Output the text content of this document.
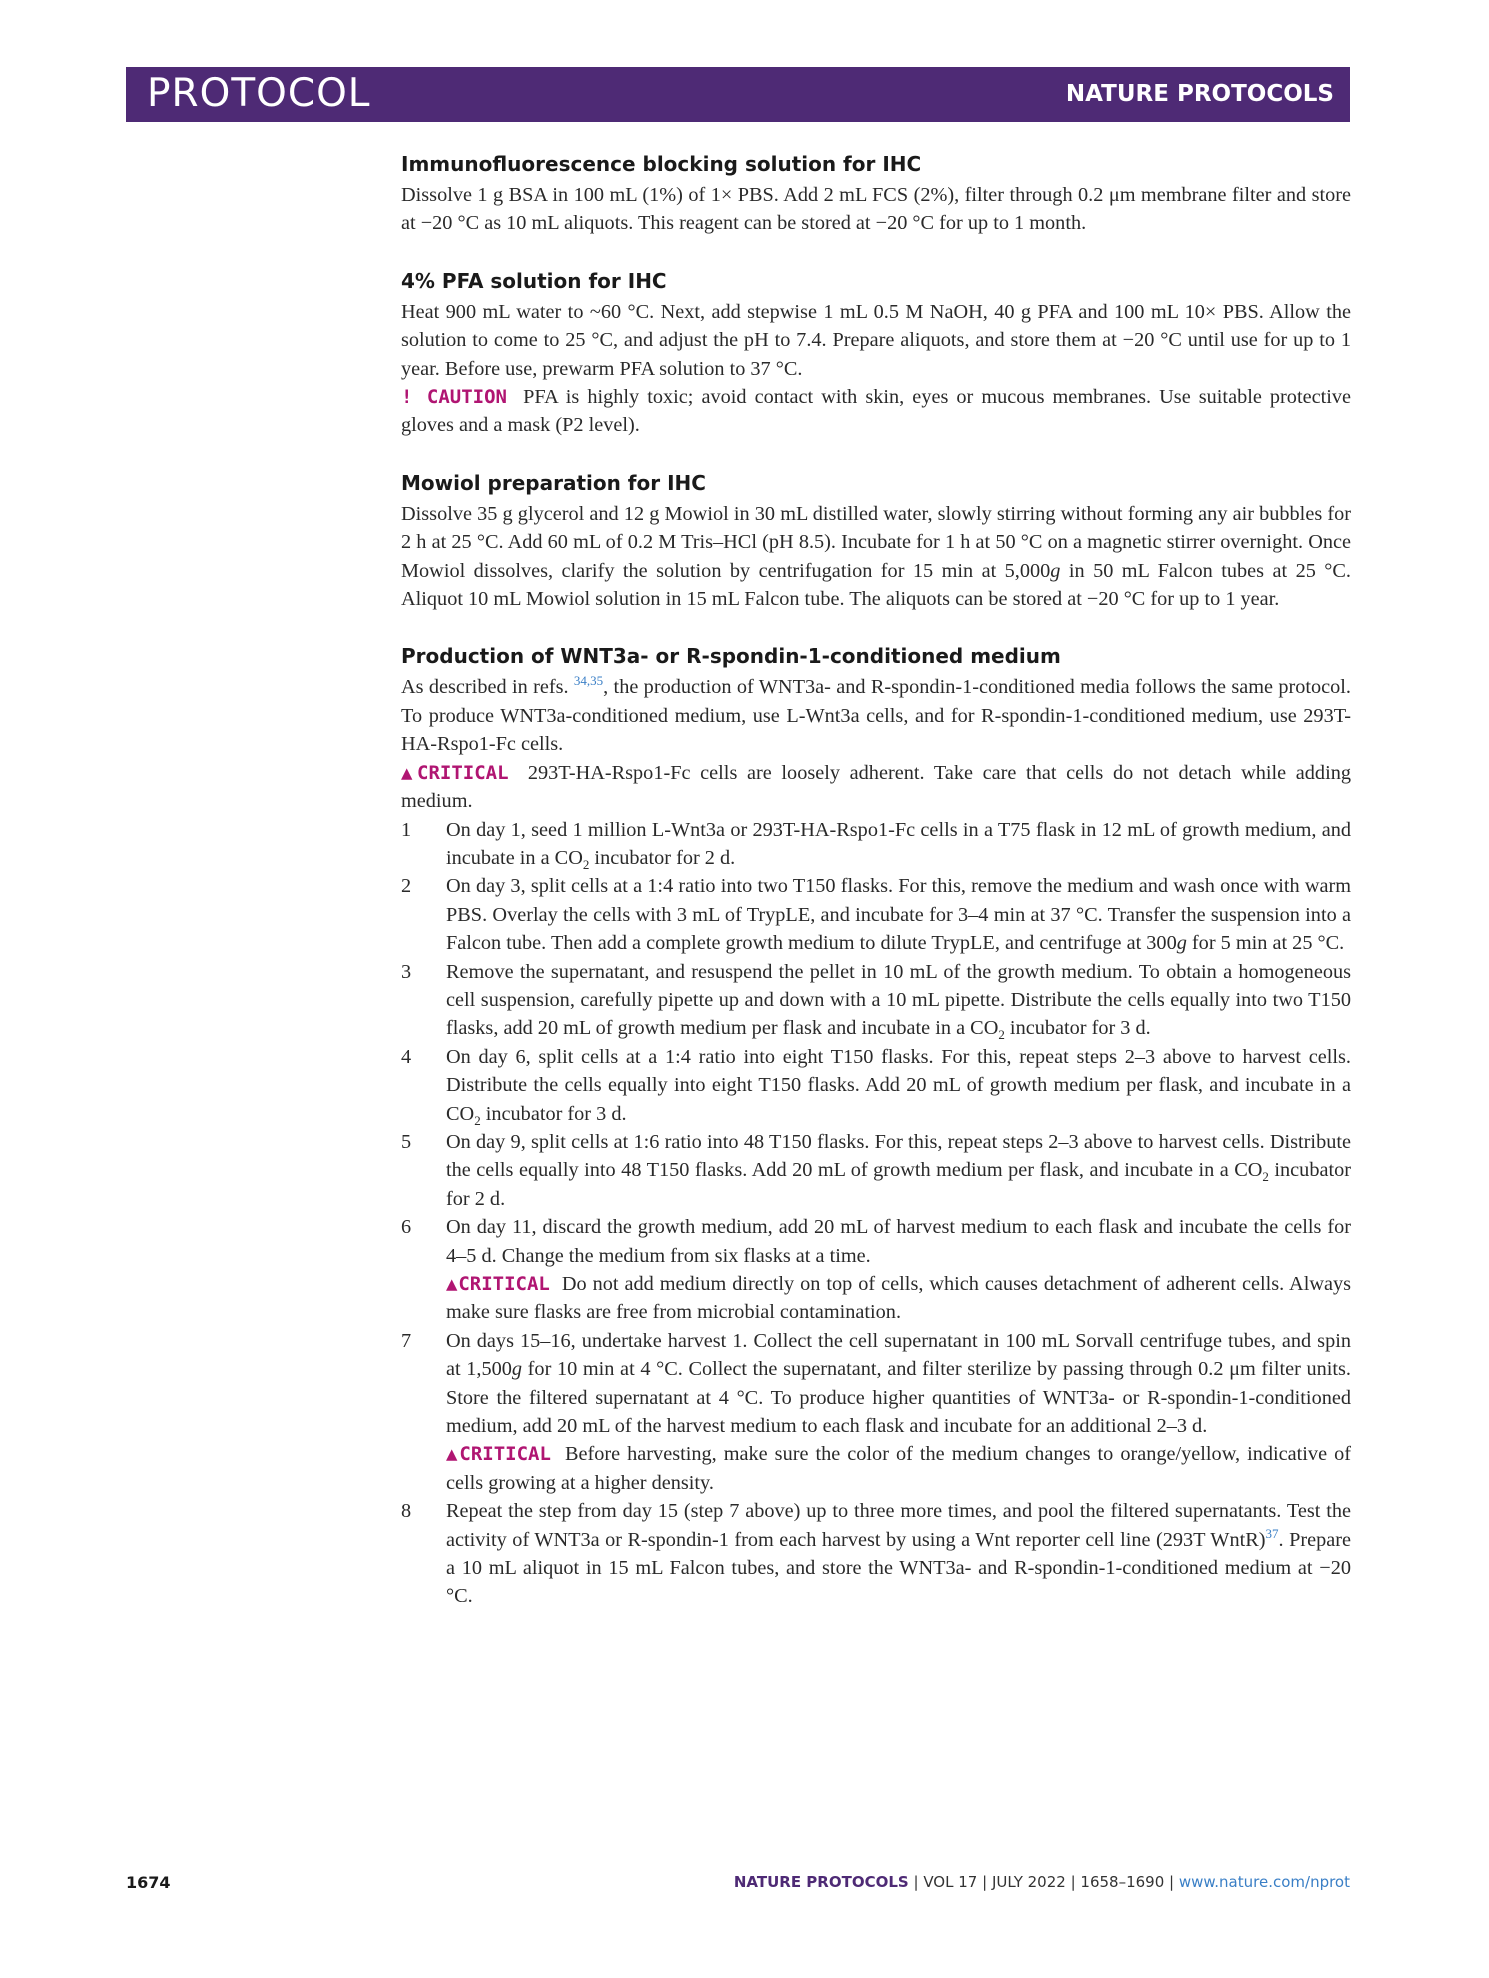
PROTOCOL	NATURE PROTOCOLS
Immunofluorescence blocking solution for IHC

Dissolve 1 g BSA in 100 mL (1%) of 1× PBS. Add 2 mL FCS (2%), filter through 0.2 μm membrane filter and store at −20 °C as 10 mL aliquots. This reagent can be stored at −20 °C for up to 1 month.

4% PFA solution for IHC

Heat 900 mL water to ~60 °C. Next, add stepwise 1 mL 0.5 M NaOH, 40 g PFA and 100 mL 10× PBS. Allow the solution to come to 25 °C, and adjust the pH to 7.4. Prepare aliquots, and store them at −20 °C until use for up to 1 year. Before use, prewarm PFA solution to 37 °C.

! CAUTION PFA is highly toxic; avoid contact with skin, eyes or mucous membranes. Use suitable protective gloves and a mask (P2 level).

Mowiol preparation for IHC

Dissolve 35 g glycerol and 12 g Mowiol in 30 mL distilled water, slowly stirring without forming any air bubbles for 2 h at 25 °C. Add 60 mL of 0.2 M Tris–HCl (pH 8.5). Incubate for 1 h at 50 °C on a magnetic stirrer overnight. Once Mowiol dissolves, clarify the solution by centrifugation for 15 min at 5,000g in 50 mL Falcon tubes at 25 °C. Aliquot 10 mL Mowiol solution in 15 mL Falcon tube. The aliquots can be stored at −20 °C for up to 1 year.

Production of WNT3a- or R-spondin-1-conditioned medium

As described in refs. $^{34,35}$, the production of WNT3a- and R-spondin-1-conditioned media follows the same protocol. To produce WNT3a-conditioned medium, use L-Wnt3a cells, and for R-spondin-1-conditioned medium, use 293T-HA-Rspo1-Fc cells.

▲CRITICAL 293T-HA-Rspo1-Fc cells are loosely adherent. Take care that cells do not detach while adding medium.

1	On day 1, seed 1 million L-Wnt3a or 293T-HA-Rspo1-Fc cells in a T75 flask in 12 mL of growth medium, and incubate in a $CO_2$ incubator for 2 d.
2	On day 3, split cells at a 1:4 ratio into two T150 flasks. For this, remove the medium and wash once with warm PBS. Overlay the cells with 3 mL of TrypLE, and incubate for 3–4 min at 37 °C. Transfer the suspension into a Falcon tube. Then add a complete growth medium to dilute TrypLE, and centrifuge at 300g for 5 min at 25 °C.
3	Remove the supernatant, and resuspend the pellet in 10 mL of the growth medium. To obtain a homogeneous cell suspension, carefully pipette up and down with a 10 mL pipette. Distribute the cells equally into two T150 flasks, add 20 mL of growth medium per flask and incubate in a $CO_2$ incubator for 3 d.
4	On day 6, split cells at a 1:4 ratio into eight T150 flasks. For this, repeat steps 2–3 above to harvest cells. Distribute the cells equally into eight T150 flasks. Add 20 mL of growth medium per flask, and incubate in a $CO_2$ incubator for 3 d.
5	On day 9, split cells at 1:6 ratio into 48 T150 flasks. For this, repeat steps 2–3 above to harvest cells. Distribute the cells equally into 48 T150 flasks. Add 20 mL of growth medium per flask, and incubate in a $CO_2$ incubator for 2 d.
6	On day 11, discard the growth medium, add 20 mL of harvest medium to each flask and incubate the cells for 4–5 d. Change the medium from six flasks at a time.
▲CRITICAL Do not add medium directly on top of cells, which causes detachment of adherent cells. Always make sure flasks are free from microbial contamination.
7	On days 15–16, undertake harvest 1. Collect the cell supernatant in 100 mL Sorvall centrifuge tubes, and spin at 1,500g for 10 min at 4 °C. Collect the supernatant, and filter sterilize by passing through 0.2 μm filter units. Store the filtered supernatant at 4 °C. To produce higher quantities of WNT3a- or R-spondin-1-conditioned medium, add 20 mL of the harvest medium to each flask and incubate for an additional 2–3 d.
▲CRITICAL Before harvesting, make sure the color of the medium changes to orange/yellow, indicative of cells growing at a higher density.
8	Repeat the step from day 15 (step 7 above) up to three more times, and pool the filtered supernatants. Test the activity of WNT3a or R-spondin-1 from each harvest by using a Wnt reporter cell line (293T WntR)$^{37}$. Prepare a 10 mL aliquot in 15 mL Falcon tubes, and store the WNT3a- and R-spondin-1-conditioned medium at −20 °C.
1674	NATURE PROTOCOLS | VOL 17 | JULY 2022 | 1658–1690 | www.nature.com/nprot
